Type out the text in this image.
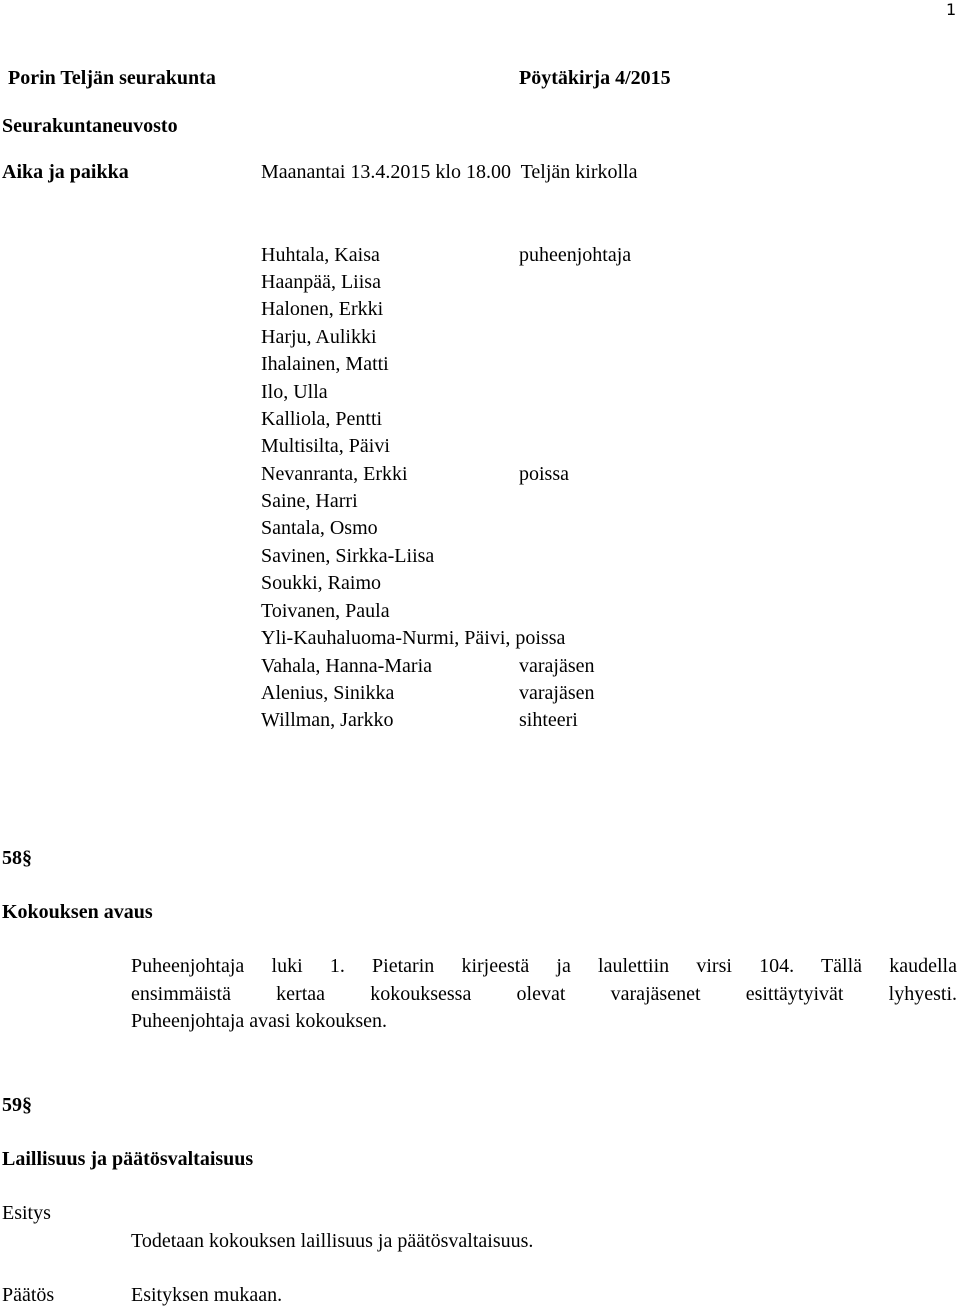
1
Porin Teljän seurakunta	Pöytäkirja 4/2015
Seurakuntaneuvosto
Aika ja paikka	Maanantai 13.4.2015 klo 18.00  Teljän kirkolla
Huhtala, Kaisa	puheenjohtaja
Haanpää, Liisa
Halonen, Erkki
Harju, Aulikki
Ihalainen, Matti
Ilo, Ulla
Kalliola, Pentti
Multisilta, Päivi
Nevanranta, Erkki	poissa
Saine, Harri
Santala, Osmo
Savinen, Sirkka-Liisa
Soukki, Raimo
Toivanen, Paula
Yli-Kauhaluoma-Nurmi, Päivi, poissa
Vahala, Hanna-Maria	varajäsen
Alenius, Sinikka	varajäsen
Willman, Jarkko	sihteeri
58§
Kokouksen avaus
Puheenjohtaja luki 1. Pietarin kirjeestä ja laulettiin virsi 104. Tällä kaudella
ensimmäistä kertaa kokouksessa olevat varajäsenet esittäytyivät lyhyesti.
Puheenjohtaja avasi kokouksen.
59§
Laillisuus ja päätösvaltaisuus
Esitys
Todetaan kokouksen laillisuus ja päätösvaltaisuus.
Päätös	Esityksen mukaan.
